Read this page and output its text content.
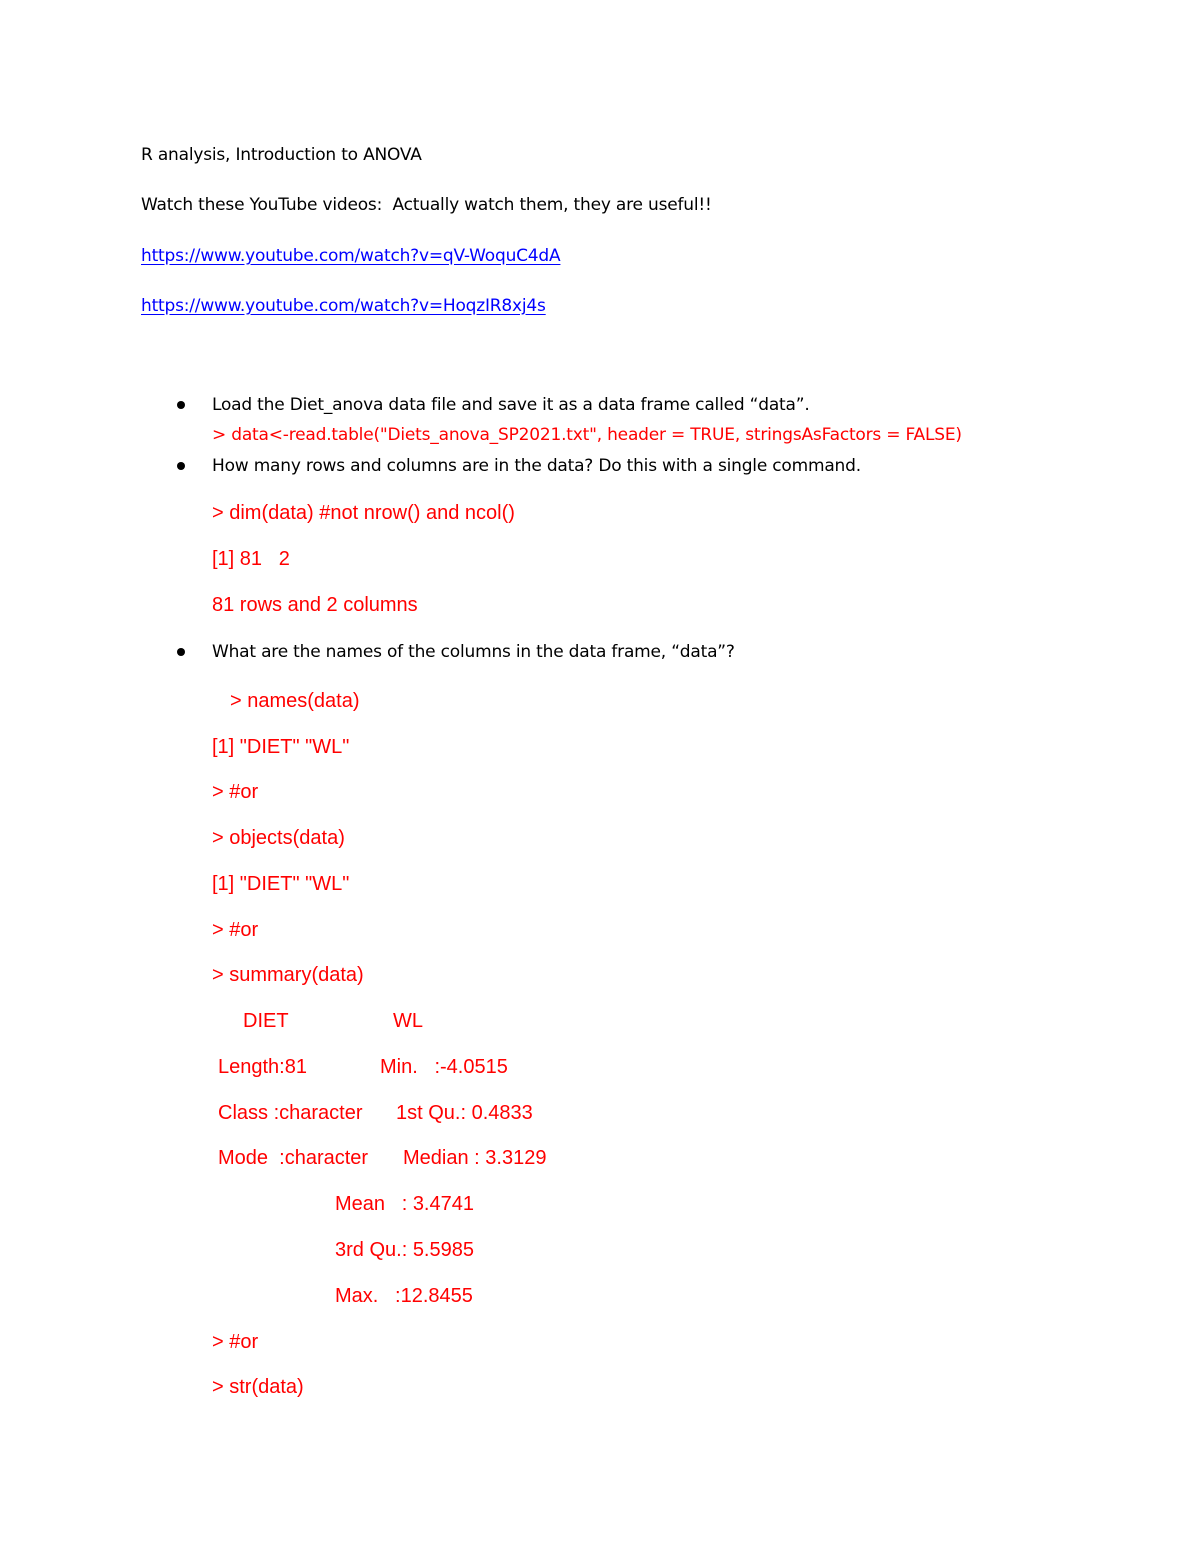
R analysis, Introduction to ANOVA
Watch these YouTube videos:  Actually watch them, they are useful!!
https://www.youtube.com/watch?v=qV-WoquC4dA
https://www.youtube.com/watch?v=HoqzIR8xj4s
Load the Diet_anova data file and save it as a data frame called “data”.
> data<-read.table("Diets_anova_SP2021.txt", header = TRUE, stringsAsFactors = FALSE)
How many rows and columns are in the data? Do this with a single command.
> dim(data) #not nrow() and ncol()
[1] 81   2
81 rows and 2 columns
What are the names of the columns in the data frame, “data”?
> names(data)
[1] "DIET" "WL"
> #or
> objects(data)
[1] "DIET" "WL"
> #or
> summary(data)
DIET	WL
Length:81	Min.   :-4.0515
Class :character 1st Qu.: 0.4833
Mode  :character Median : 3.3129
Mean   : 3.4741
3rd Qu.: 5.5985
Max.   :12.8455
> #or
> str(data)
